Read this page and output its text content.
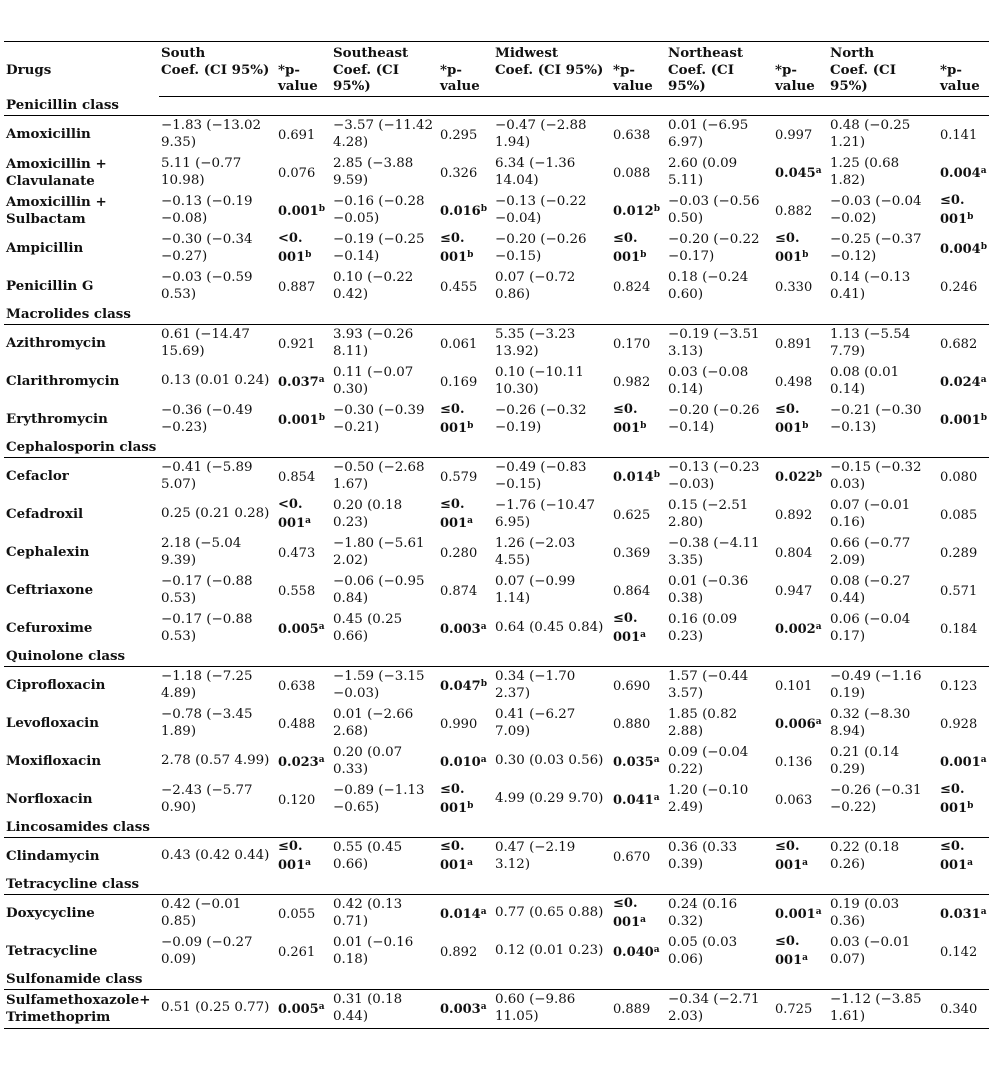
Drugs	South		Southeast		Midwest		Northeast		North	
	Coef. (CI 95%)	*p-value	Coef. (CI 95%)	*p-value	Coef. (CI 95%)	*p-value	Coef. (CI 95%)	*p-value	Coef. (CI 95%)	*p-value
Penicillin class										
Amoxicillin	−1.83 (−13.02 9.35)	0.691	−3.57 (−11.42 4.28)	0.295	−0.47 (−2.88 1.94)	0.638	0.01 (−6.95 6.97)	0.997	0.48 (−0.25 1.21)	0.141
Amoxicillin + Clavulanate	5.11 (−0.77 10.98)	0.076	2.85 (−3.88 9.59)	0.326	6.34 (−1.36 14.04)	0.088	2.60 (0.09 5.11)	0.045$^a$	1.25 (0.68 1.82)	0.004$^a$
Amoxicillin + Sulbactam	−0.13 (−0.19 −0.08)	0.001$^b$	−0.16 (−0.28 −0.05)	0.016$^b$	−0.13 (−0.22 −0.04)	0.012$^b$	−0.03 (−0.56 0.50)	0.882	−0.03 (−0.04 −0.02)	≤0. 001$^b$
Ampicillin	−0.30 (−0.34 −0.27)	<0. $001^b$	−0.19 (−0.25 −0.14)	≤0. $001^b$	−0.20 (−0.26 −0.15)	≤0. $001^b$	−0.20 (−0.22 −0.17)	≤0. $001^b$	−0.25 (−0.37 −0.12)	0.004$^b$
Penicillin G	−0.03 (−0.59 0.53)	0.887	0.10 (−0.22 0.42)	0.455	0.07 (−0.72 0.86)	0.824	0.18 (−0.24 0.60)	0.330	0.14 (−0.13 0.41)	0.246
Macrolides class										
Azithromycin	0.61 (−14.47 15.69)	0.921	3.93 (−0.26 8.11)	0.061	5.35 (−3.23 13.92)	0.170	−0.19 (−3.51 3.13)	0.891	1.13 (−5.54 7.79)	0.682
Clarithromycin	0.13 (0.01 0.24)	0.037$^a$	0.11 (−0.07 0.30)	0.169	0.10 (−10.11 10.30)	0.982	0.03 (−0.08 0.14)	0.498	0.08 (0.01 0.14)	0.024$^a$
Erythromycin	−0.36 (−0.49 −0.23)	0.001$^b$	−0.30 (−0.39 −0.21)	≤0. $001^b$	−0.26 (−0.32 −0.19)	≤0. $001^b$	−0.20 (−0.26 −0.14)	≤0. $001^b$	−0.21 (−0.30 −0.13)	0.001$^b$
Cephalosporin class										
Cefaclor	−0.41 (−5.89 5.07)	0.854	−0.50 (−2.68 1.67)	0.579	−0.49 (−0.83 −0.15)	0.014$^b$	−0.13 (−0.23 −0.03)	0.022$^b$	−0.15 (−0.32 0.03)	0.080
Cefadroxil	0.25 (0.21 0.28)	<0. 001$^a$	0.20 (0.18 0.23)	≤0. $001^a$	−1.76 (−10.47 6.95)	0.625	0.15 (−2.51 2.80)	0.892	0.07 (−0.01 0.16)	0.085
Cephalexin	2.18 (−5.04 9.39)	0.473	−1.80 (−5.61 2.02)	0.280	1.26 (−2.03 4.55)	0.369	−0.38 (−4.11 3.35)	0.804	0.66 (−0.77 2.09)	0.289
Ceftriaxone	−0.17 (−0.88 0.53)	0.558	−0.06 (−0.95 0.84)	0.874	0.07 (−0.99 1.14)	0.864	0.01 (−0.36 0.38)	0.947	0.08 (−0.27 0.44)	0.571
Cefuroxime	−0.17 (−0.88 0.53)	0.005$^a$	0.45 (0.25 0.66)	0.003$^a$	0.64 (0.45 0.84)	≤0. 001$^a$	0.16 (0.09 0.23)	0.002$^a$	0.06 (−0.04 0.17)	0.184
Quinolone class										
Ciprofloxacin	−1.18 (−7.25 4.89)	0.638	−1.59 (−3.15 −0.03)	0.047$^b$	0.34 (−1.70 2.37)	0.690	1.57 (−0.44 3.57)	0.101	−0.49 (−1.16 0.19)	0.123
Levofloxacin	−0.78 (−3.45 1.89)	0.488	0.01 (−2.66 2.68)	0.990	0.41 (−6.27 7.09)	0.880	1.85 (0.82 2.88)	0.006$^a$	0.32 (−8.30 8.94)	0.928
Moxifloxacin	2.78 (0.57 4.99)	0.023$^a$	0.20 (0.07 0.33)	0.010$^a$	0.30 (0.03 0.56)	0.035$^a$	0.09 (−0.04 0.22)	0.136	0.21 (0.14 0.29)	0.001$^a$
Norfloxacin	−2.43 (−5.77 0.90)	0.120	−0.89 (−1.13 −0.65)	≤0. 001$^b$	4.99 (0.29 9.70)	0.041$^a$	1.20 (−0.10 2.49)	0.063	−0.26 (−0.31 −0.22)	≤0. 001$^b$
Lincosamides class										
Clindamycin	0.43 (0.42 0.44)	≤0. 001$^a$	0.55 (0.45 0.66)	≤0. 001$^a$	0.47 (−2.19 3.12)	0.670	0.36 (0.33 0.39)	≤0. 001$^a$	0.22 (0.18 0.26)	≤0. 001$^a$
Tetracycline class										
Doxycycline	0.42 (−0.01 0.85)	0.055	0.42 (0.13 0.71)	0.014$^a$	0.77 (0.65 0.88)	≤0. 001$^a$	0.24 (0.16 0.32)	0.001$^a$	0.19 (0.03 0.36)	0.031$^a$
Tetracycline	−0.09 (−0.27 0.09)	0.261	0.01 (−0.16 0.18)	0.892	0.12 (0.01 0.23)	0.040$^a$	0.05 (0.03 0.06)	≤0. 001$^a$	0.03 (−0.01 0.07)	0.142
Sulfonamide class										
Sulfamethoxazole+ Trimethoprim	0.51 (0.25 0.77)	0.005$^a$	0.31 (0.18 0.44)	0.003$^a$	0.60 (−9.86 11.05)	0.889	−0.34 (−2.71 2.03)	0.725	−1.12 (−3.85 1.61)	0.340
